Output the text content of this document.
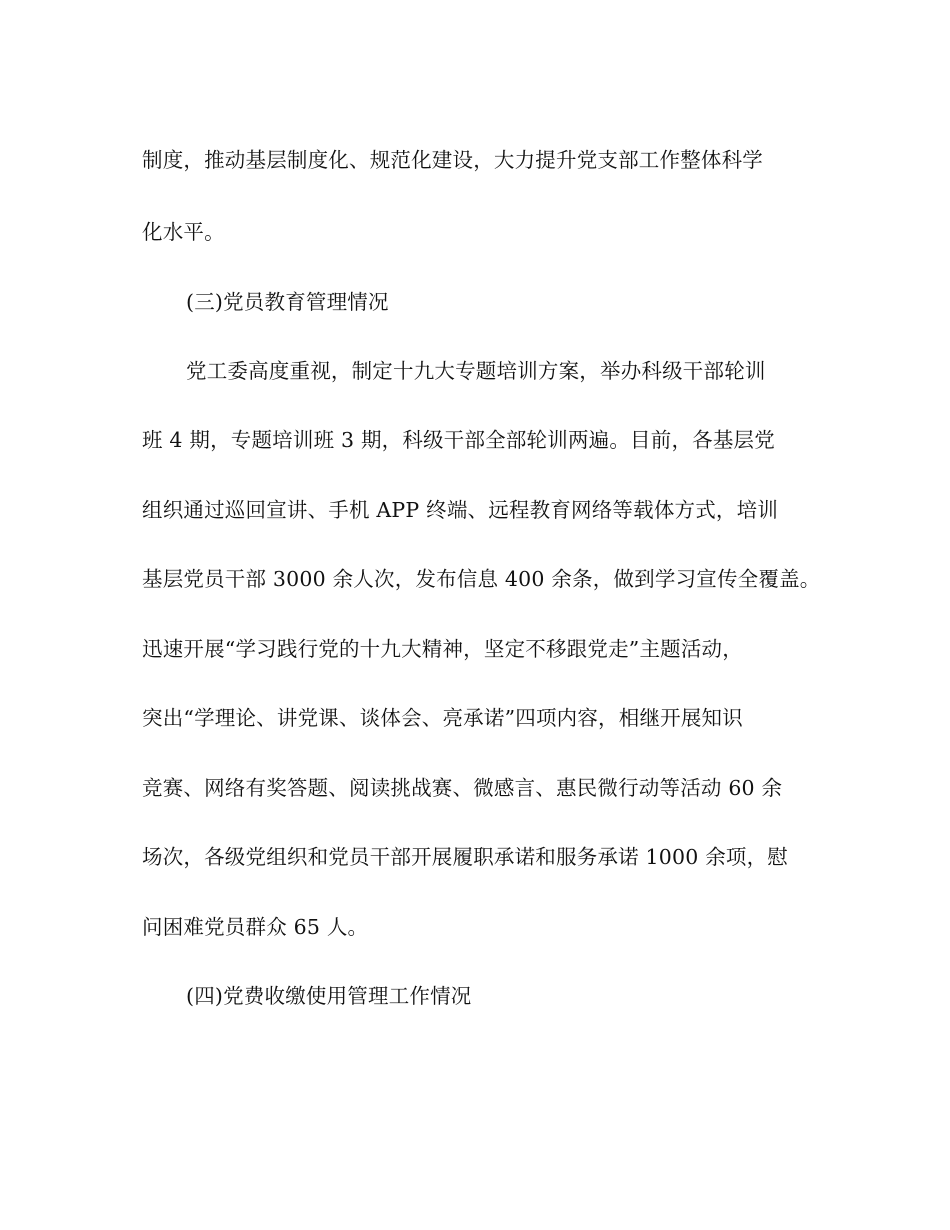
制度，推动基层制度化、规范化建设，大力提升党支部工作整体科学
化水平。
(三)党员教育管理情况
党工委高度重视，制定十九大专题培训方案，举办科级干部轮训
班 4 期，专题培训班 3 期，科级干部全部轮训两遍。目前，各基层党
组织通过巡回宣讲、手机 APP 终端、远程教育网络等载体方式，培训
基层党员干部 3000 余人次，发布信息 400 余条，做到学习宣传全覆盖。
迅速开展“学习践行党的十九大精神，坚定不移跟党走”主题活动，
突出“学理论、讲党课、谈体会、亮承诺”四项内容，相继开展知识
竞赛、网络有奖答题、阅读挑战赛、微感言、惠民微行动等活动 60 余
场次，各级党组织和党员干部开展履职承诺和服务承诺 1000 余项，慰
问困难党员群众 65 人。
(四)党费收缴使用管理工作情况
